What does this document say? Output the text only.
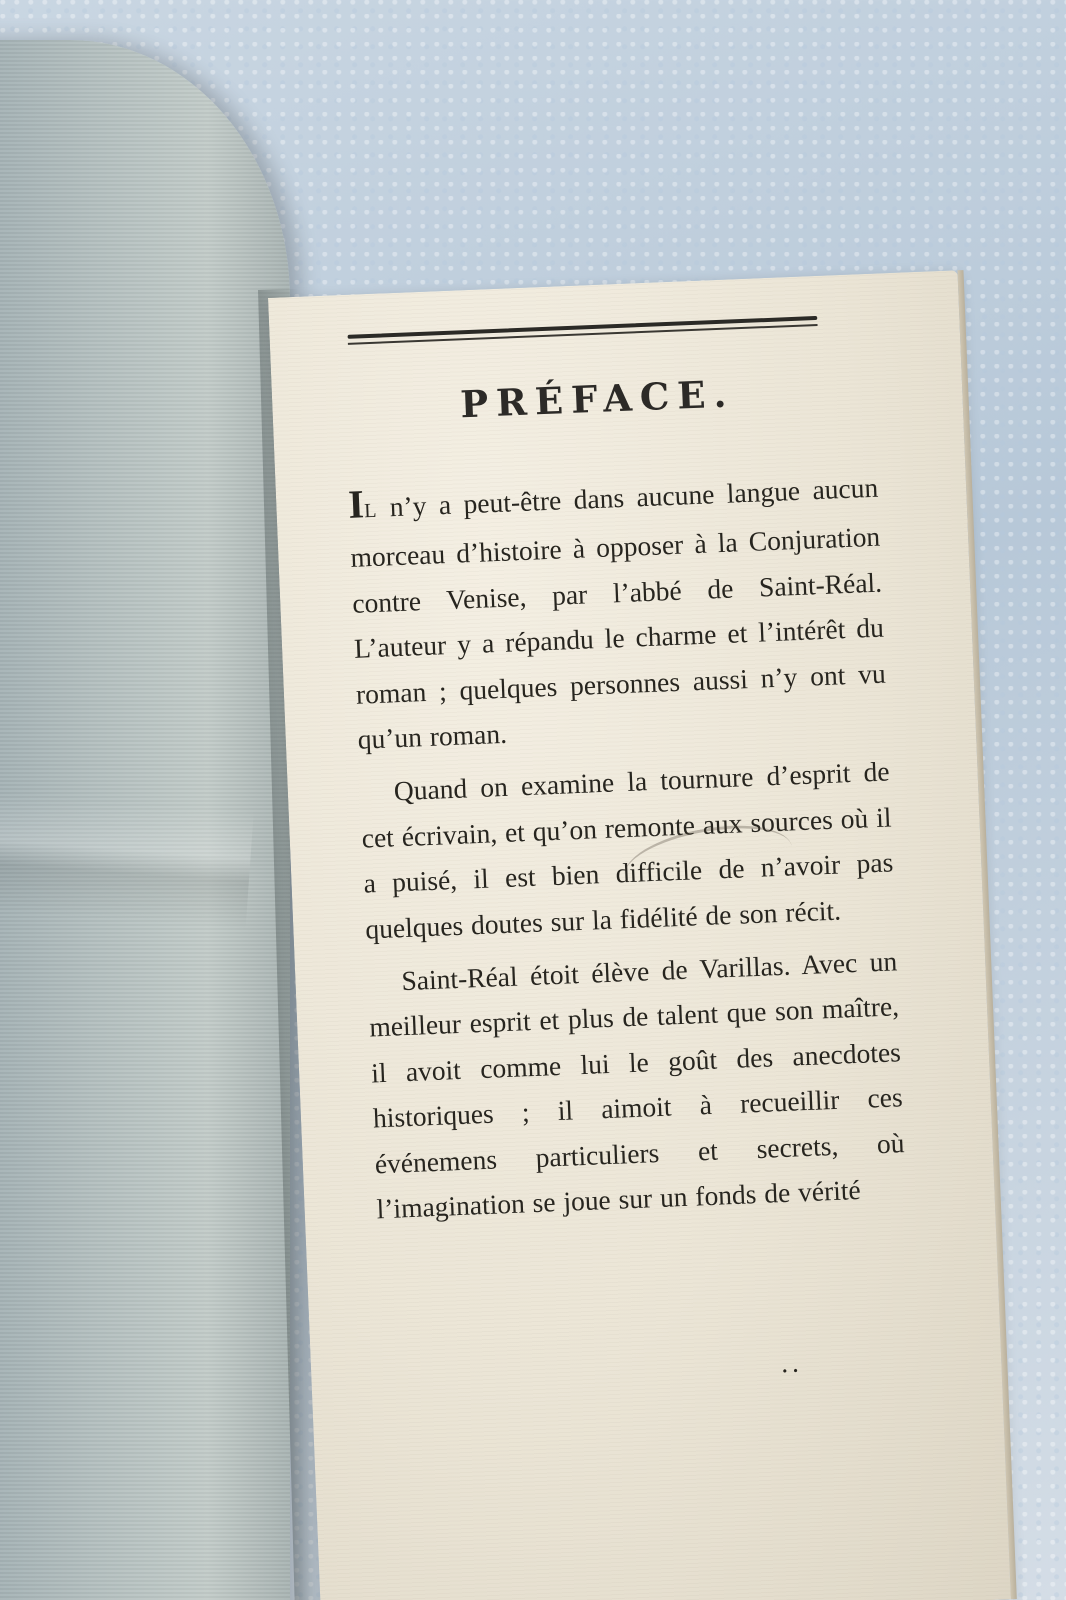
PRÉFACE.

IL n’y a peut-être dans aucune langue aucun morceau d’histoire à opposer à la Conjuration contre Venise, par l’abbé de Saint-Réal. L’auteur y a répandu le charme et l’intérêt du roman ; quelques personnes aussi n’y ont vu qu’un roman.

Quand on examine la tournure d’esprit de cet écrivain, et qu’on remonte aux sources où il a puisé, il est bien difficile de n’avoir pas quelques doutes sur la fidélité de son récit.

Saint-Réal étoit élève de Varillas. Avec un meilleur esprit et plus de talent que son maître, il avoit comme lui le goût des anecdotes historiques ; il aimoit à recueillir ces événemens particuliers et secrets, où l’imagination se joue sur un fonds de vérité

..
